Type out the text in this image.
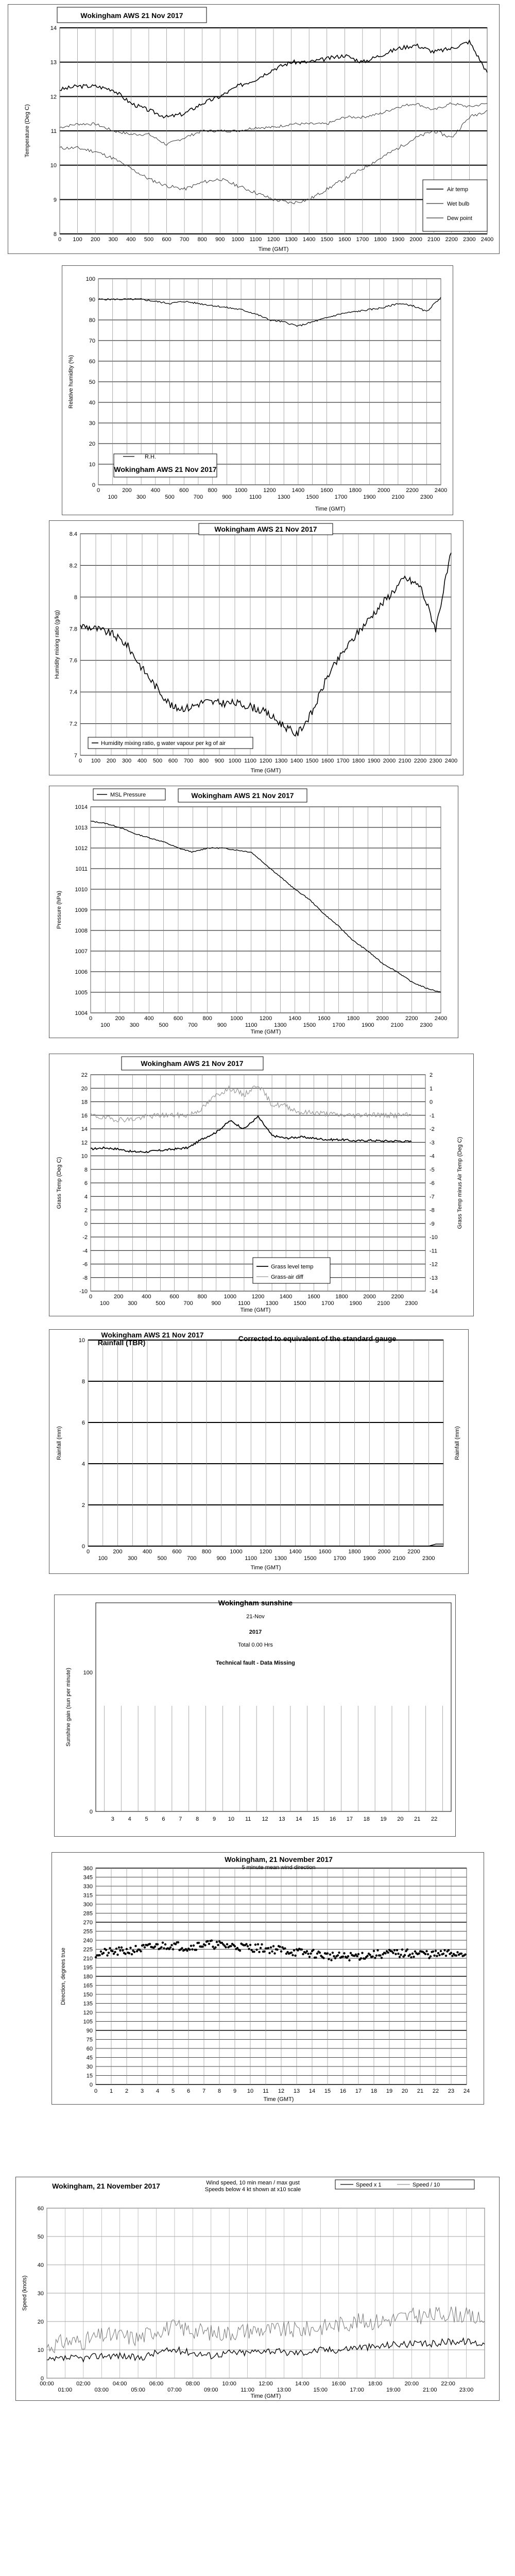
8
9
10
11
12
13
14
0 100 200 300 400 500 600 700 800 900 1000 1100 1200 1300 1400 1500 1600 1700 1800 1900 2000 2100 2200 2300 2400
Wokingham AWS 21 Nov 2017
Time (GMT)
Temperature (Deg C)
Air temp
Wet bulb
Dew point
0
10
20
30
40
50
60
70
80
90
100
0	200	400	600	800	1000	1200	1400	1600	1800	2000	2200	2400
100	300	500	700	900	1100	1300	1500	1700	1900	2100	2300
Time (GMT)
Relative humidity (%)
R.H.
Wokingham AWS 21 Nov 2017
7
7.2
7.4
7.6
7.8
8
8.2
8.4
0 100 200 300 400 500 600 700 800 900 1000 1100 1200 1300 1400 1500 1600 1700 1800 1900 2000 2100 2200 2300 2400
Wokingham AWS 21 Nov 2017
Time (GMT)
Humidity mixing ratio (g/kg)
Humidity mixing ratio, g water vapour per kg of air
1004
1005
1006
1007
1008
1009
1010
1011
1012
1013
1014
0	200	400	600	800	1000	1200	1400	1600	1800	2000	2200	2400
100	300	500	700	900	1100	1300	1500	1700	1900	2100	2300
MSL Pressure	Wokingham AWS 21 Nov 2017
Time (GMT)
Pressure (hPa)
-10
-8
-6
-4
-2
0
2
4
6
8
10
12
14
16
18
20
22
0	200	400	600	800	1000	1200	1400	1600	1800	2000	2200
100	300	500	700	900	1100	1300	1500	1700	1900	2100	2300
-14
-13
-12
-11
-10
-9
-8
-7
-6
-5
-4
-3
-2
-1
0
1
2
Wokingham AWS 21 Nov 2017
Time (GMT)
Grass Temp (Deg C)	Grass Temp minus Air Temp (Deg C)
Grass level temp
Grass-air diff
0
2
4
6
8
10
0	200	400	600	800	1000	1200	1400	1600	1800	2000	2200
100	300	500	700	900	1100	1300	1500	1700	1900	2100	2300
Wokingham AWS 21 Nov 2017
Rainfall (TBR)	Corrected to equivalent of the standard gauge
Time (GMT)
Rainfall (mm)	Rainfall (mm)
3 4 5 6 7 8 9 10 11 12 13 14 15 16 17 18 19 20 21 22
0
100
Wokingham sunshine
21-Nov
2017
Total 0.00 Hrs
Technical fault - Data Missing
Sunshine gain (sun per minute)
0
15
30
45
60
75
90
105
120
135
150
165
180
195
210
225
240
255
270
285
300
315
330
345
360
0 1 2 3 4 5 6 7 8 9 10 11 12 13 14 15 16 17 18 19 20 21 22 23 24
Wokingham, 21 November 2017
5 minute mean wind direction
Time (GMT)
Direction, degrees true
0
10
20
30
40
50
60
00:00	02:00	04:00	06:00	08:00	10:00	12:00	14:00	16:00	18:00	20:00	22:00
01:00	03:00	05:00	07:00	09:00	11:00	13:00	15:00	17:00	19:00	21:00	23:00
Wokingham, 21 November 2017	Wind speed, 10 min mean / max gust
Speeds below 4 kt shown at x10 scale
Speed x 1	Speed / 10
Time (GMT)
Speed (knots)
